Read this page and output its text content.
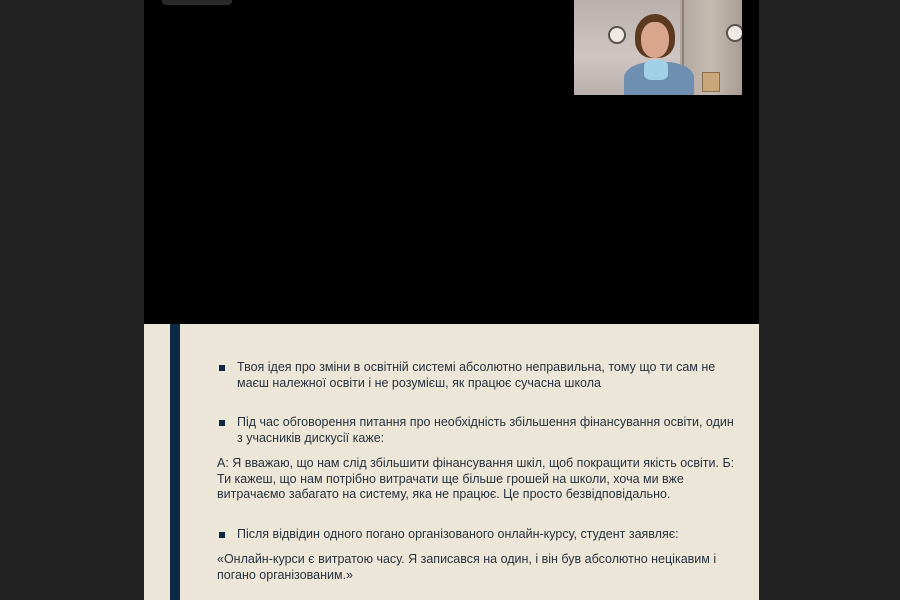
Твоя ідея про зміни в освітній системі абсолютно неправильна, тому що ти сам не маєш належної освіти і не розумієш, як працює сучасна школа
Під час обговорення питання про необхідність збільшення фінансування освіти, один з учасників дискусії каже:
А: Я вважаю, що нам слід збільшити фінансування шкіл, щоб покращити якість освіти. Б: Ти кажеш, що нам потрібно витрачати ще більше грошей на школи, хоча ми вже витрачаємо забагато на систему, яка не працює. Це просто безвідповідально.
Після відвідин одного погано організованого онлайн-курсу, студент заявляє:
«Онлайн-курси є витратою часу. Я записався на один, і він був абсолютно нецікавим і погано організованим.»
